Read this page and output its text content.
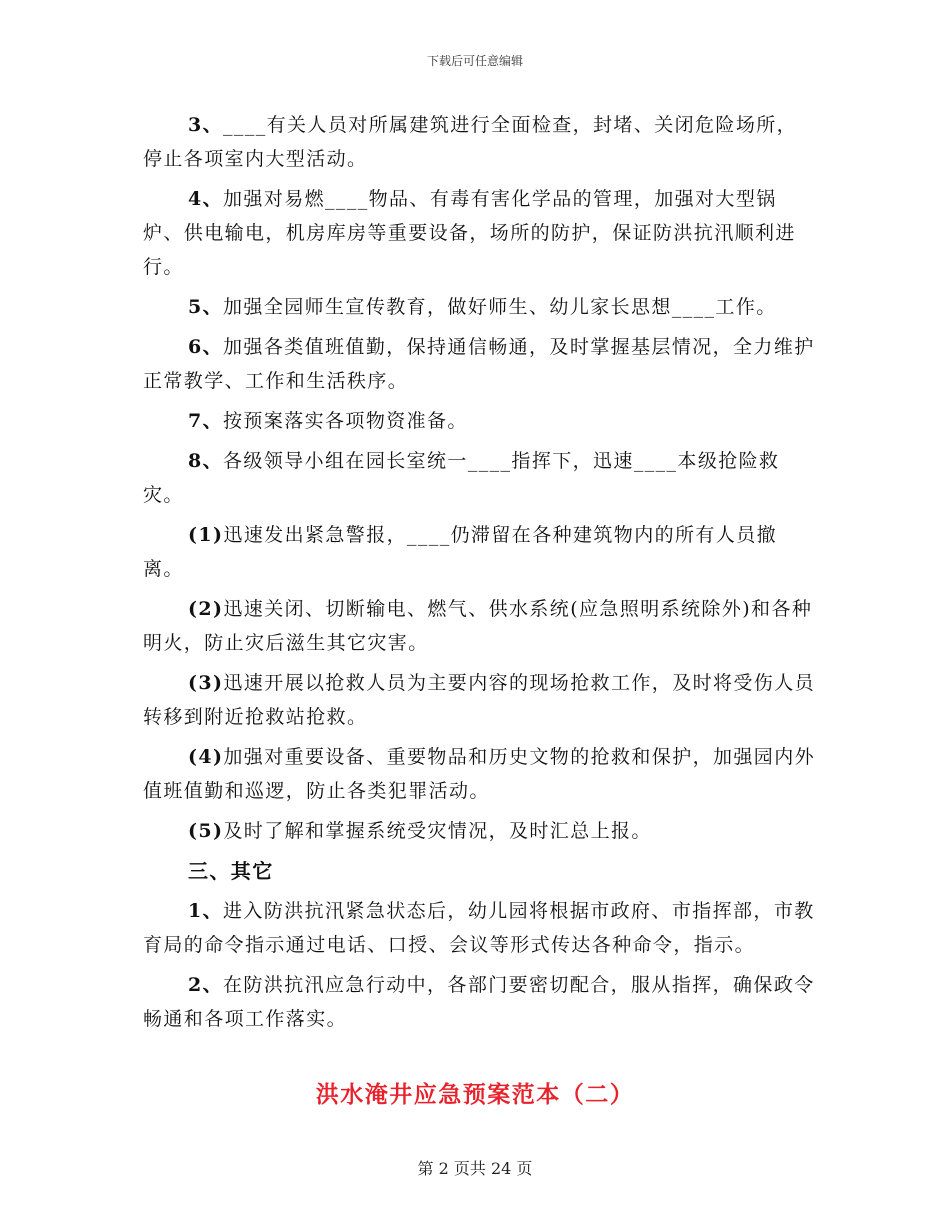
下载后可任意编辑

3、____有关人员对所属建筑进行全面检查，封堵、关闭危险场所，停止各项室内大型活动。

4、加强对易燃____物品、有毒有害化学品的管理，加强对大型锅炉、供电输电，机房库房等重要设备，场所的防护，保证防洪抗汛顺利进行。

5、加强全园师生宣传教育，做好师生、幼儿家长思想____工作。

6、加强各类值班值勤，保持通信畅通，及时掌握基层情况，全力维护正常教学、工作和生活秩序。

7、按预案落实各项物资准备。

8、各级领导小组在园长室统一____指挥下，迅速____本级抢险救灾。

(1)迅速发出紧急警报，____仍滞留在各种建筑物内的所有人员撤离。

(2)迅速关闭、切断输电、燃气、供水系统(应急照明系统除外)和各种明火，防止灾后滋生其它灾害。

(3)迅速开展以抢救人员为主要内容的现场抢救工作，及时将受伤人员转移到附近抢救站抢救。

(4)加强对重要设备、重要物品和历史文物的抢救和保护，加强园内外值班值勤和巡逻，防止各类犯罪活动。

(5)及时了解和掌握系统受灾情况，及时汇总上报。

三、其它

1、进入防洪抗汛紧急状态后，幼儿园将根据市政府、市指挥部，市教育局的命令指示通过电话、口授、会议等形式传达各种命令，指示。

2、在防洪抗汛应急行动中，各部门要密切配合，服从指挥，确保政令畅通和各项工作落实。

洪水淹井应急预案范本（二）
第 2 页共 24 页
